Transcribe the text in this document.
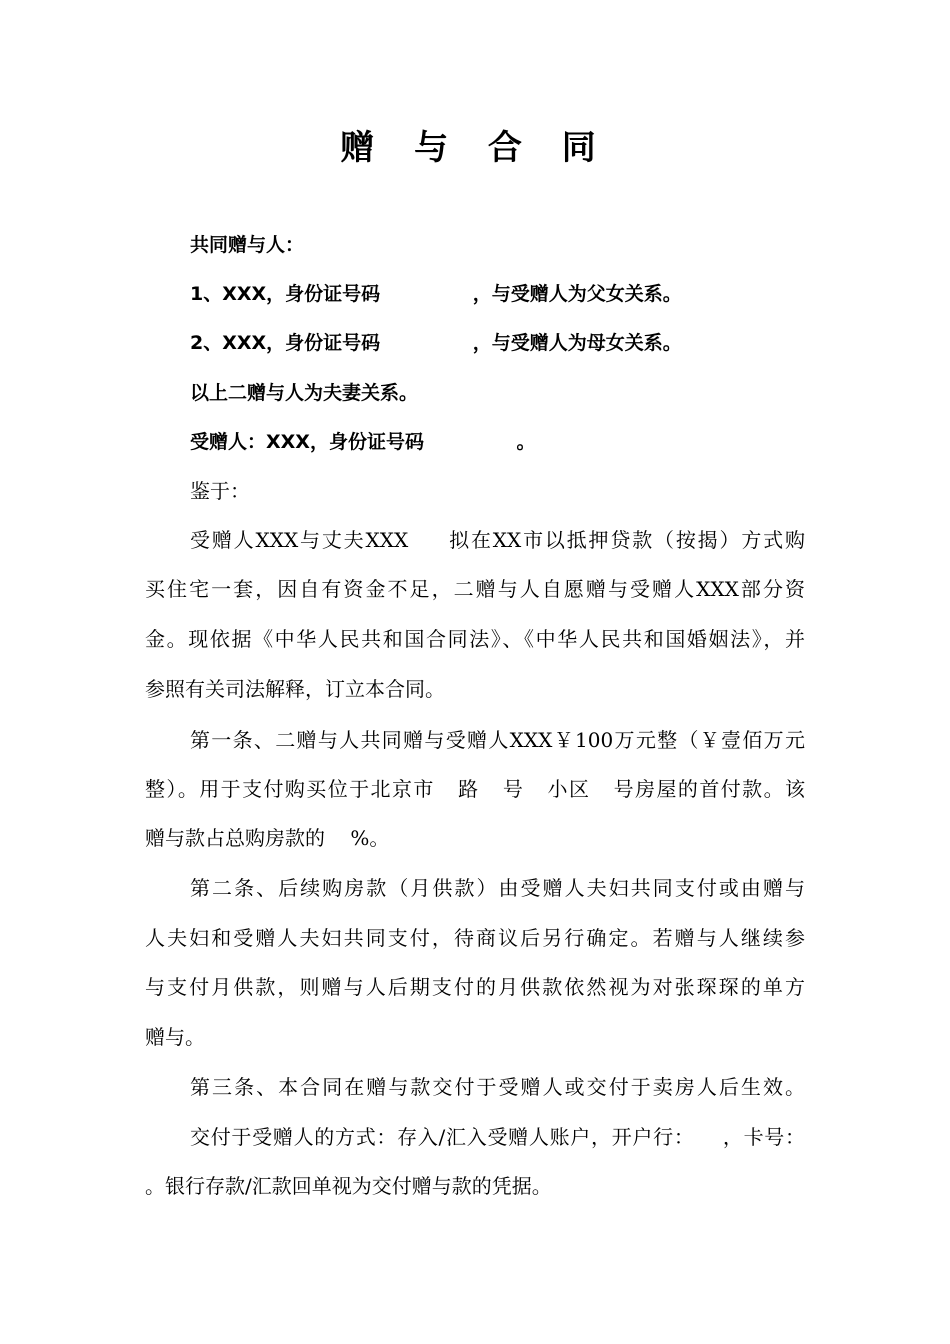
赠 与 合 同
共同赠与人：
1、XXX，身份证号码              ，与受赠人为父女关系。
2、XXX，身份证号码              ，与受赠人为母女关系。
以上二赠与人为夫妻关系。
受赠人：XXX，身份证号码              。
鉴于：
受赠人XXX与丈夫XXX     拟在XX市以抵押贷款（按揭）方式购
买住宅一套，因自有资金不足，二赠与人自愿赠与受赠人XXX部分资
金。现依据《中华人民共和国合同法》、《中华人民共和国婚姻法》，并
参照有关司法解释，订立本合同。
第一条、二赠与人共同赠与受赠人XXX￥100万元整（￥壹佰万元
整）。用于支付购买位于北京市   路   号   小区   号房屋的首付款。该
赠与款占总购房款的    %。
第二条、后续购房款（月供款）由受赠人夫妇共同支付或由赠与
人夫妇和受赠人夫妇共同支付，待商议后另行确定。若赠与人继续参
与支付月供款，则赠与人后期支付的月供款依然视为对张琛琛的单方
赠与。
第三条、本合同在赠与款交付于受赠人或交付于卖房人后生效。
交付于受赠人的方式：存入/汇入受赠人账户，开户行：    ，卡号：
。银行存款/汇款回单视为交付赠与款的凭据。
